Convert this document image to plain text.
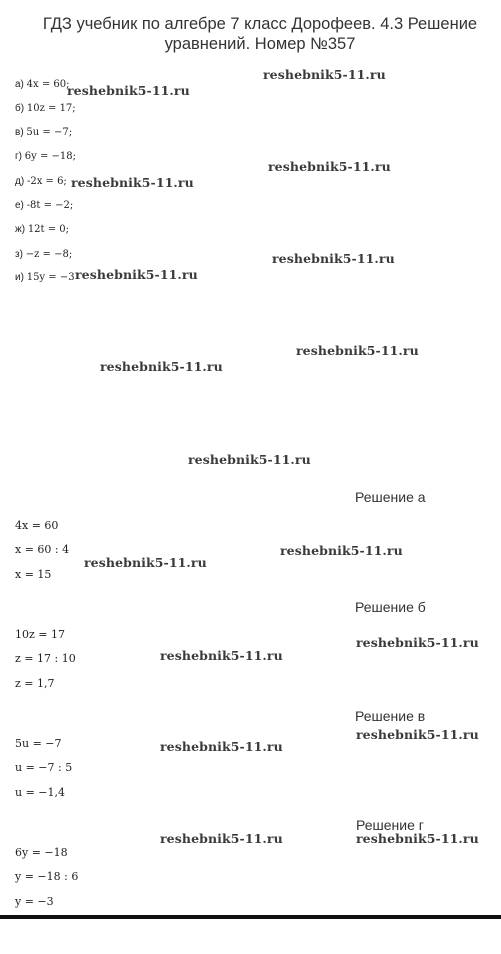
ГДЗ учебник по алгебре 7 класс Дорофеев. 4.3 Решение уравнений. Номер №357
а) 4x = 60;
б) 10z = 17;
в) 5u = −7;
г) 6y = −18;
д) -2x = 6;
е) -8t = −2;
ж) 12t = 0;
з) −z = −8;
и) 15y = −3
Решение а
4x = 60
x = 60 : 4
x = 15
Решение б
10z = 17
z = 17 : 10
z = 1,7
Решение в
5u = −7
u = −7 : 5
u = −1,4
Решение г
6y = −18
y = −18 : 6
y = −3
reshebnik5-11.ru
reshebnik5-11.ru
reshebnik5-11.ru
reshebnik5-11.ru
reshebnik5-11.ru
reshebnik5-11.ru
reshebnik5-11.ru
reshebnik5-11.ru
reshebnik5-11.ru
reshebnik5-11.ru
reshebnik5-11.ru
reshebnik5-11.ru
reshebnik5-11.ru
reshebnik5-11.ru
reshebnik5-11.ru
reshebnik5-11.ru
reshebnik5-11.ru
